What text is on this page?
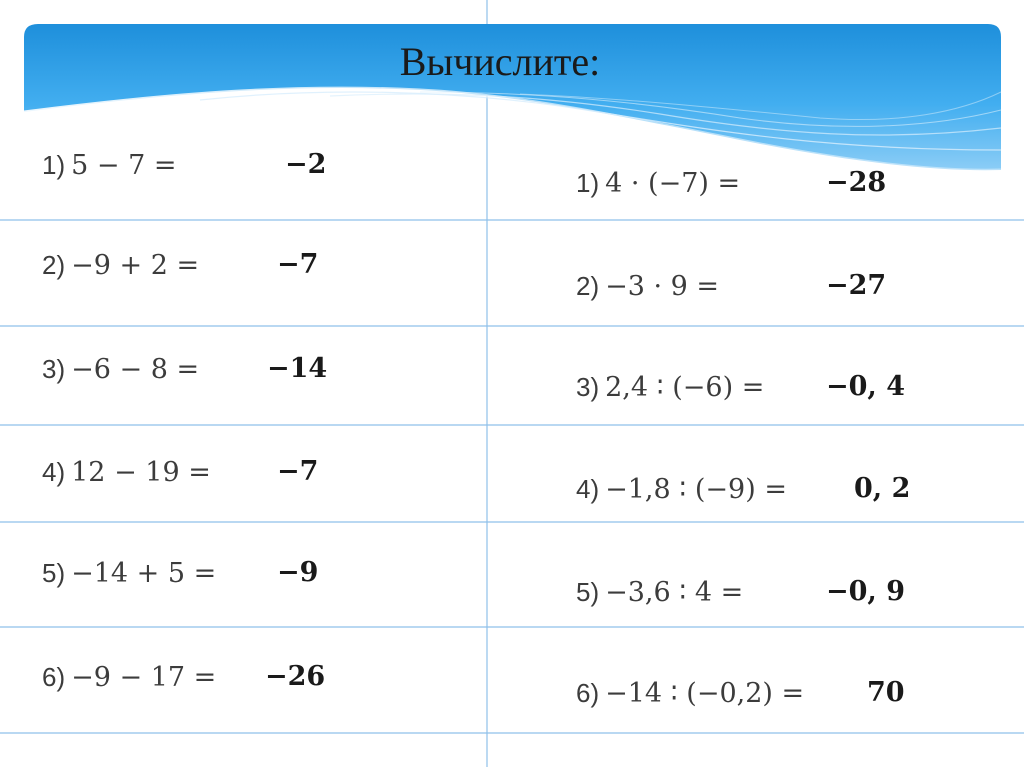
Вычислите:
1) 5 − 7 =	−2
2) −9 + 2 =	−7
3) −6 − 8 =	−14
4) 12 − 19 = −7
5) −14 + 5 = −9
6) −9 − 17 = −26
1) 4 · (−7) =	−28
2) −3 · 9 =	−27
3) 2,4 ∶ (−6) = −0, 4
4) −1,8 ∶ (−9) = 0, 2
5) −3,6 ∶ 4 =	−0, 9
6) −14 ∶ (−0,2) = 70
